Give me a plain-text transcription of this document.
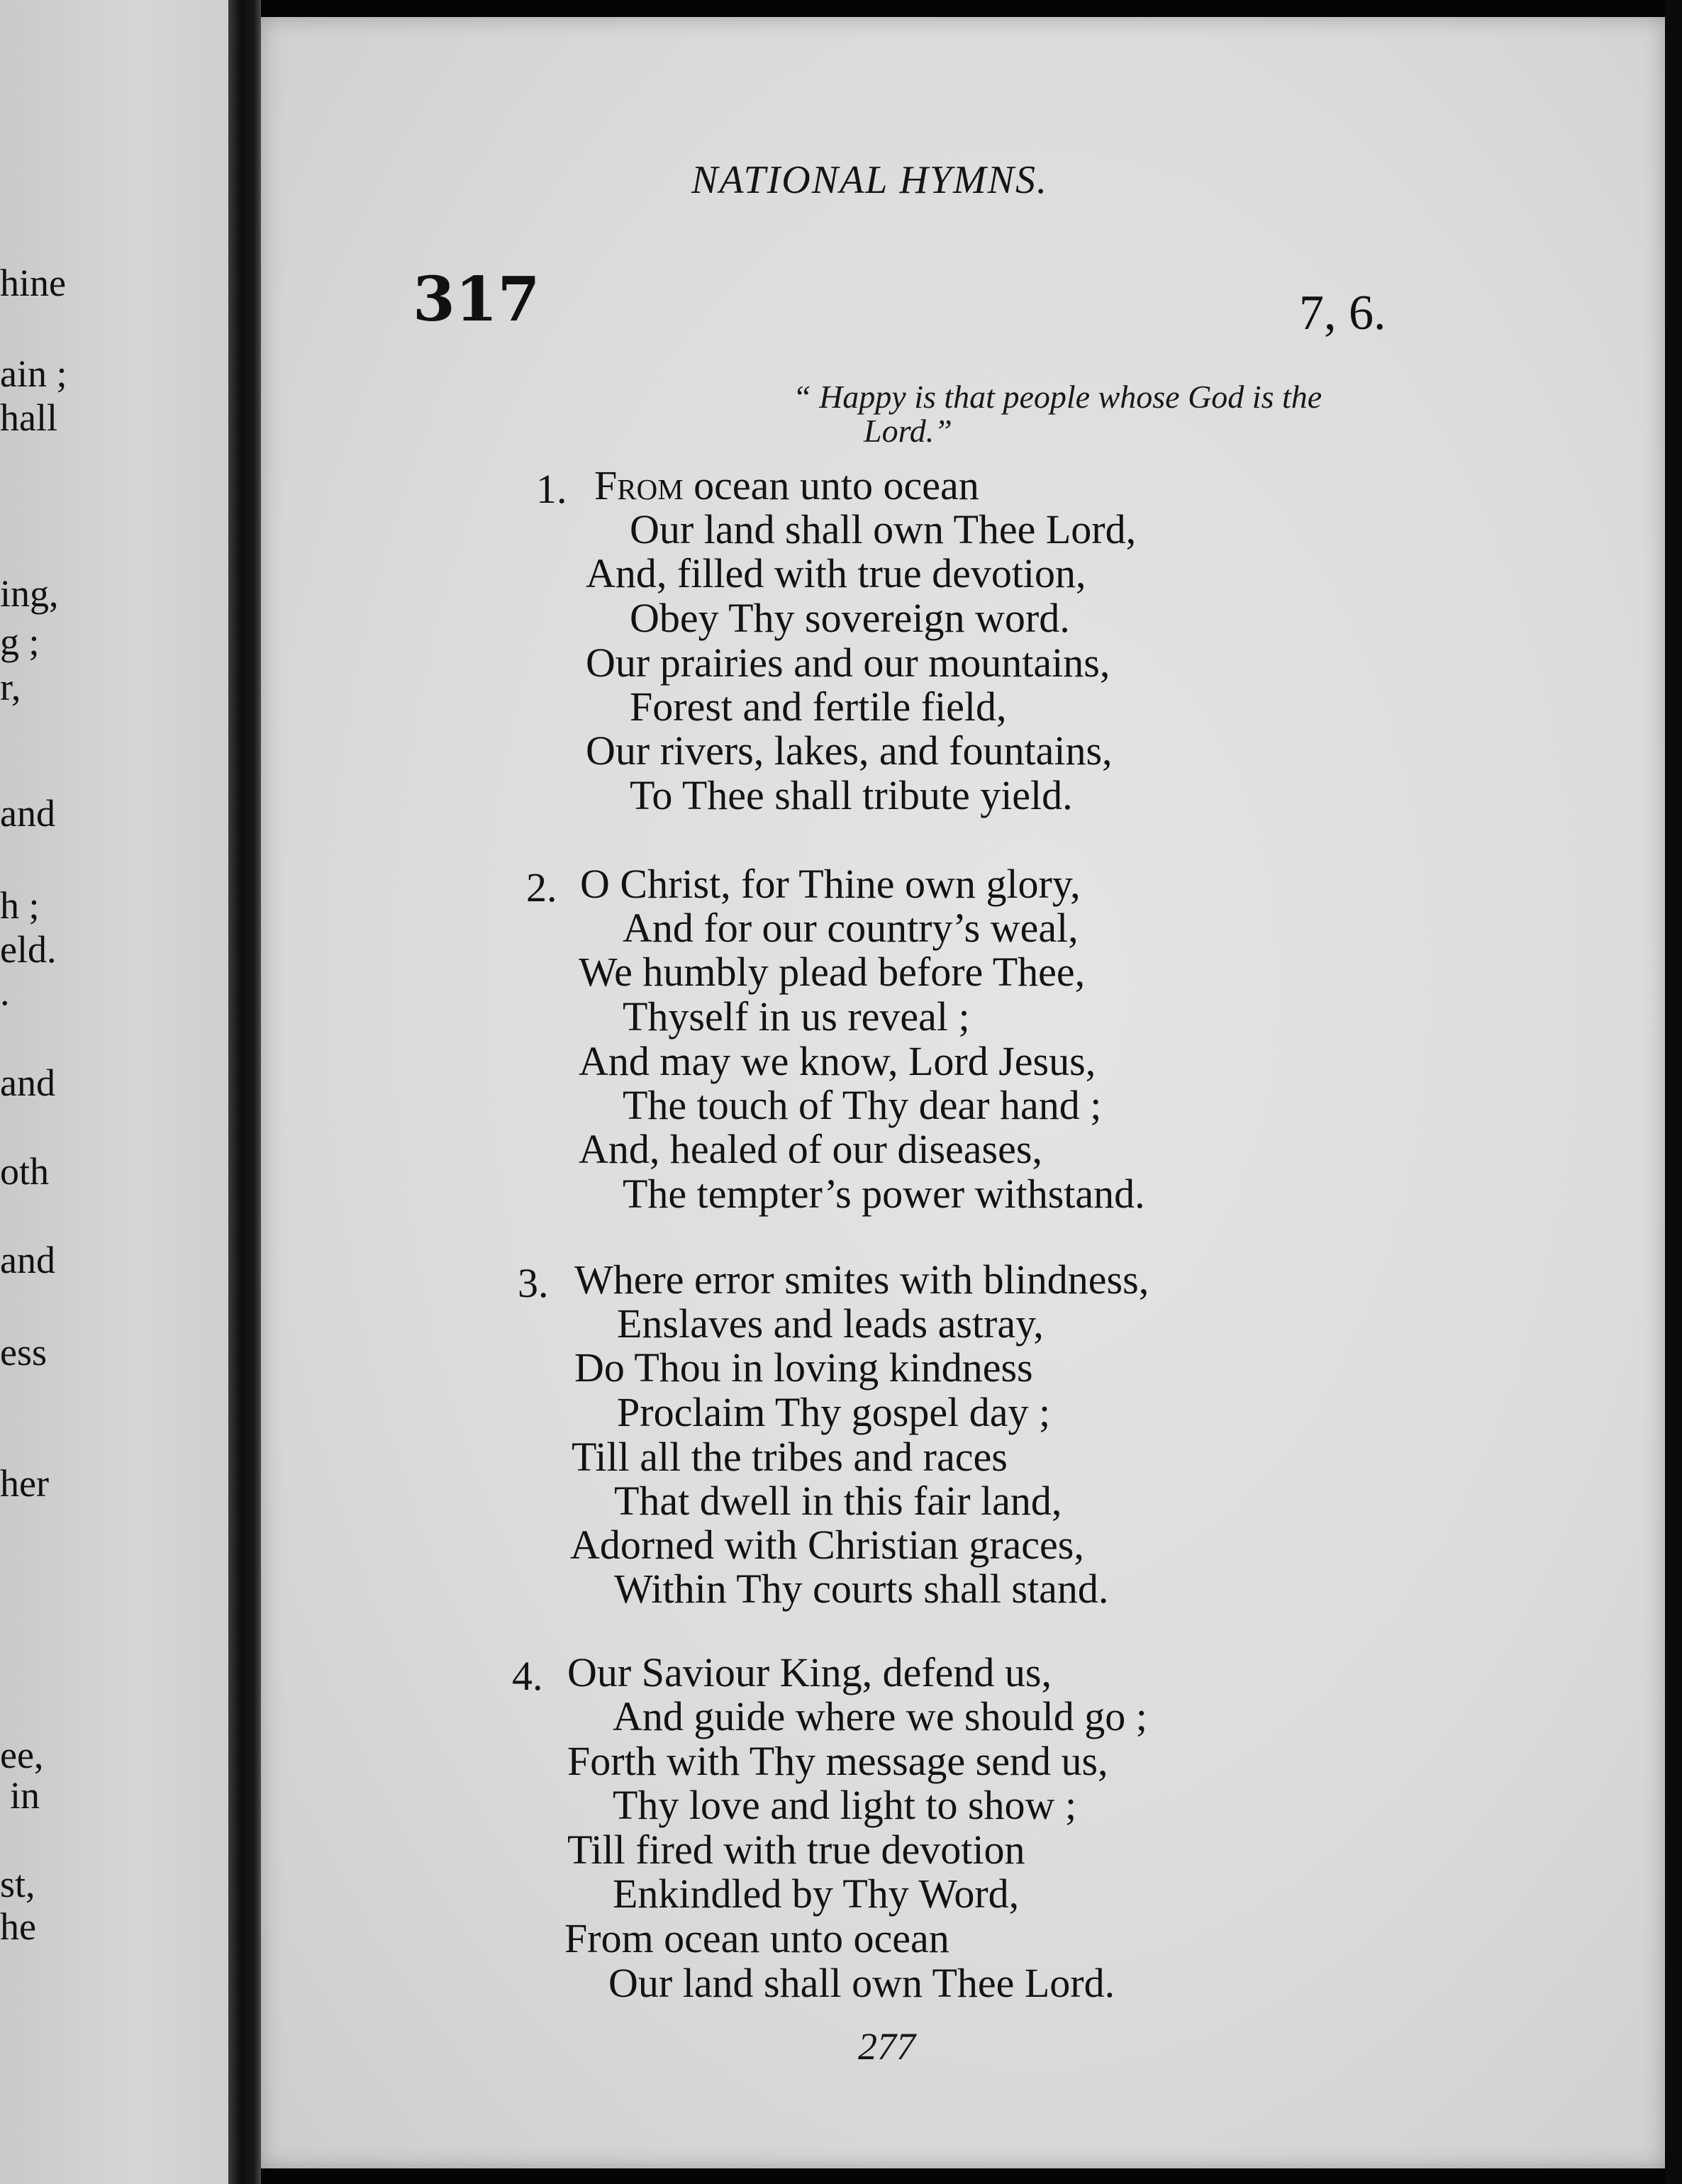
hine
ain ;
hall
ing,
g ;
r,
and
h ;
eld.
.
and
oth
and
ess
her
ee,
in
st,
he
NATIONAL HYMNS.
317	7, 6.
“ Happy is that people whose God is the
Lord.”
1. From ocean unto ocean
Our land shall own Thee Lord,
And, filled with true devotion,
Obey Thy sovereign word.
Our prairies and our mountains,
Forest and fertile field,
Our rivers, lakes, and fountains,
To Thee shall tribute yield.
2. O Christ, for Thine own glory,
And for our country’s weal,
We humbly plead before Thee,
Thyself in us reveal ;
And may we know, Lord Jesus,
The touch of Thy dear hand ;
And, healed of our diseases,
The tempter’s power withstand.
3. Where error smites with blindness,
Enslaves and leads astray,
Do Thou in loving kindness
Proclaim Thy gospel day ;
Till all the tribes and races
That dwell in this fair land,
Adorned with Christian graces,
Within Thy courts shall stand.
4. Our Saviour King, defend us,
And guide where we should go ;
Forth with Thy message send us,
Thy love and light to show ;
Till fired with true devotion
Enkindled by Thy Word,
From ocean unto ocean
Our land shall own Thee Lord.
277
